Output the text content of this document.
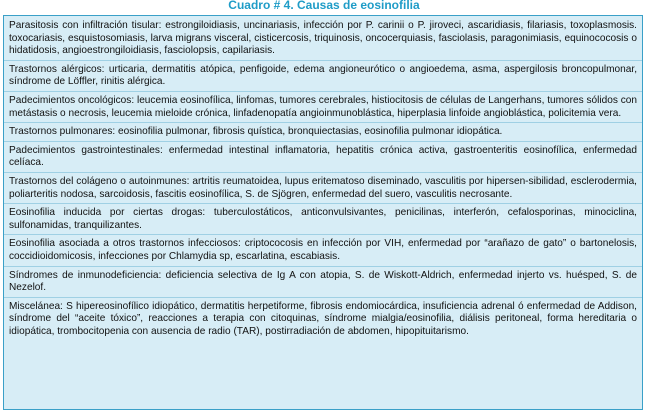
Cuadro # 4. Causas de eosinofilia
Parasitosis con infiltración tisular: estrongiloidiasis, uncinariasis, infección por P. carinii o P. jiroveci, ascaridiasis, filariasis, toxoplasmosis. toxocariasis, esquistosomiasis, larva migrans visceral, cisticercosis, triquinosis, oncocerquiasis, fasciolasis, paragonimiasis, equinococosis o hidatidosis, angioestrongiloidiasis, fasciolopsis, capilariasis.
Trastornos alérgicos: urticaria, dermatitis atópica, penfigoide, edema angioneurótico o angioedema, asma, aspergilosis broncopulmonar, síndrome de Löffler, rinitis alérgica.
Padecimientos oncológicos: leucemia eosinofílica, linfomas, tumores cerebrales, histiocitosis de células de Langerhans, tumores sólidos con metástasis o necrosis, leucemia mieloide crónica, linfadenopatía angioinmunoblástica, hiperplasia linfoide angioblástica, policitemia vera.
Trastornos pulmonares: eosinofilia pulmonar, fibrosis quística, bronquiectasias, eosinofilia pulmonar idiopática.
Padecimientos gastrointestinales: enfermedad intestinal inflamatoria, hepatitis crónica activa, gastroenteritis eosinofílica, enfermedad celíaca.
Trastornos del colágeno o autoinmunes: artritis reumatoidea, lupus eritematoso diseminado, vasculitis por hipersen-sibilidad, esclerodermia, poliarteritis nodosa, sarcoidosis, fascitis eosinofílica, S. de Sjögren, enfermedad del suero, vasculitis necrosante.
Eosinofilia inducida por ciertas drogas: tuberculostáticos, anticonvulsivantes, penicilinas, interferón, cefalosporinas, minociclina, sulfonamidas, tranquilizantes.
Eosinofilia asociada a otros trastornos infecciosos: criptococosis en infección por VIH, enfermedad por “arañazo de gato” o bartonelosis, coccidioidomicosis, infecciones por Chlamydia sp, escarlatina, escabiasis.
Síndromes de inmunodeficiencia: deficiencia selectiva de Ig A con atopia, S. de Wiskott-Aldrich, enfermedad injerto vs. huésped, S. de Nezelof.
Misceláneа: S hipereosinofílico idiopático, dermatitis herpetiforme, fibrosis endomiocárdica, insuficiencia adrenal ó enfermedad de Addison, síndrome del “aceite tóxico”, reacciones a terapia con citoquinas, síndrome mialgia/eosinofilia, diálisis peritoneal, forma hereditaria o idiopática, trombocitopenia con ausencia de radio (TAR), postirradiación de abdomen, hipopituitarismo.
